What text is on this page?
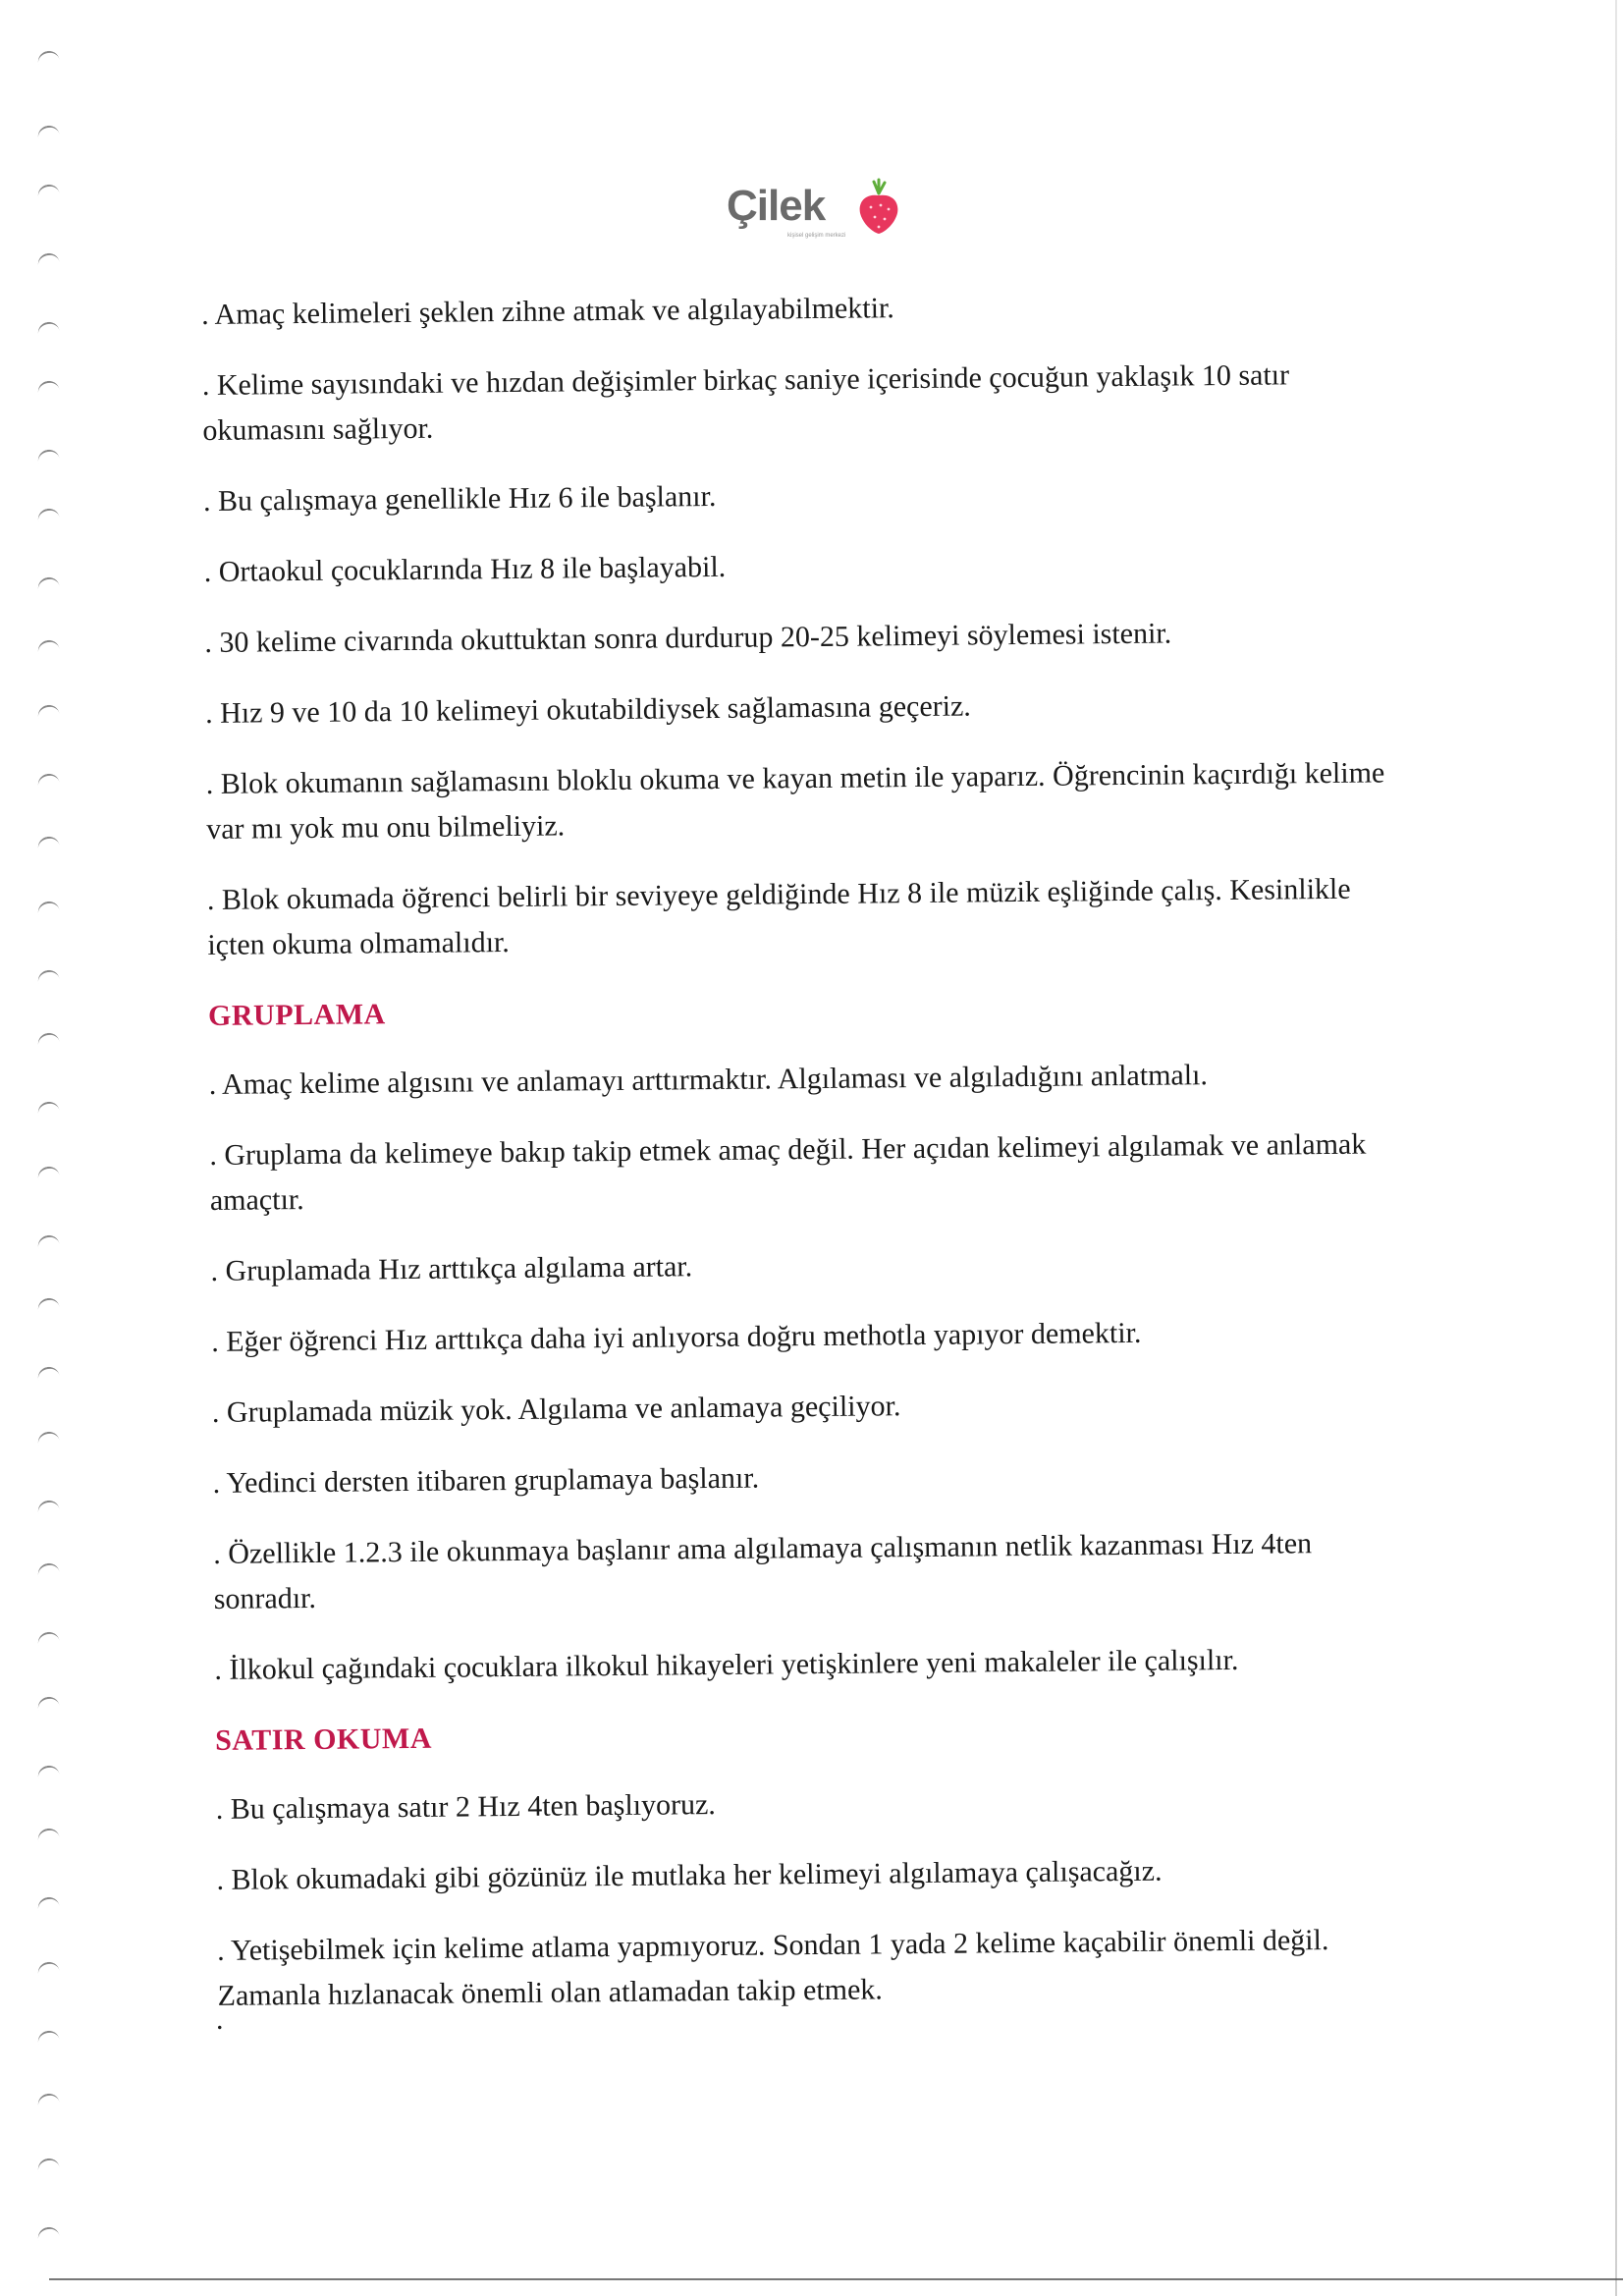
Çilek
kişisel gelişim merkezi

. Amaç kelimeleri şeklen zihne atmak ve algılayabilmektir.

. Kelime sayısındaki ve hızdan değişimler birkaç saniye içerisinde çocuğun yaklaşık 10 satır okumasını sağlıyor.

. Bu çalışmaya genellikle Hız 6 ile başlanır.

. Ortaokul çocuklarında Hız 8 ile başlayabil.

. 30 kelime civarında okuttuktan sonra durdurup 20-25 kelimeyi söylemesi istenir.

. Hız 9 ve 10 da 10 kelimeyi okutabildiysek sağlamasına geçeriz.

. Blok okumanın sağlamasını bloklu okuma ve kayan metin ile yaparız. Öğrencinin kaçırdığı kelime var mı yok mu onu bilmeliyiz.

. Blok okumada öğrenci belirli bir seviyeye geldiğinde Hız 8 ile müzik eşliğinde çalış. Kesinlikle içten okuma olmamalıdır.

GRUPLAMA

. Amaç kelime algısını ve anlamayı arttırmaktır. Algılaması ve algıladığını anlatmalı.

. Gruplama da kelimeye bakıp takip etmek amaç değil. Her açıdan kelimeyi algılamak ve anlamak amaçtır.

. Gruplamada Hız arttıkça algılama artar.

. Eğer öğrenci Hız arttıkça daha iyi anlıyorsa doğru methotla yapıyor demektir.

. Gruplamada müzik yok. Algılama ve anlamaya geçiliyor.

. Yedinci dersten itibaren gruplamaya başlanır.

. Özellikle 1.2.3 ile okunmaya başlanır ama algılamaya çalışmanın netlik kazanması Hız 4ten sonradır.

. İlkokul çağındaki çocuklara ilkokul hikayeleri yetişkinlere yeni makaleler ile çalışılır.

SATIR OKUMA

. Bu çalışmaya satır 2 Hız 4ten başlıyoruz.

. Blok okumadaki gibi gözünüz ile mutlaka her kelimeyi algılamaya çalışacağız.

. Yetişebilmek için kelime atlama yapmıyoruz. Sondan 1 yada 2 kelime kaçabilir önemli değil. Zamanla hızlanacak önemli olan atlamadan takip etmek.

.
